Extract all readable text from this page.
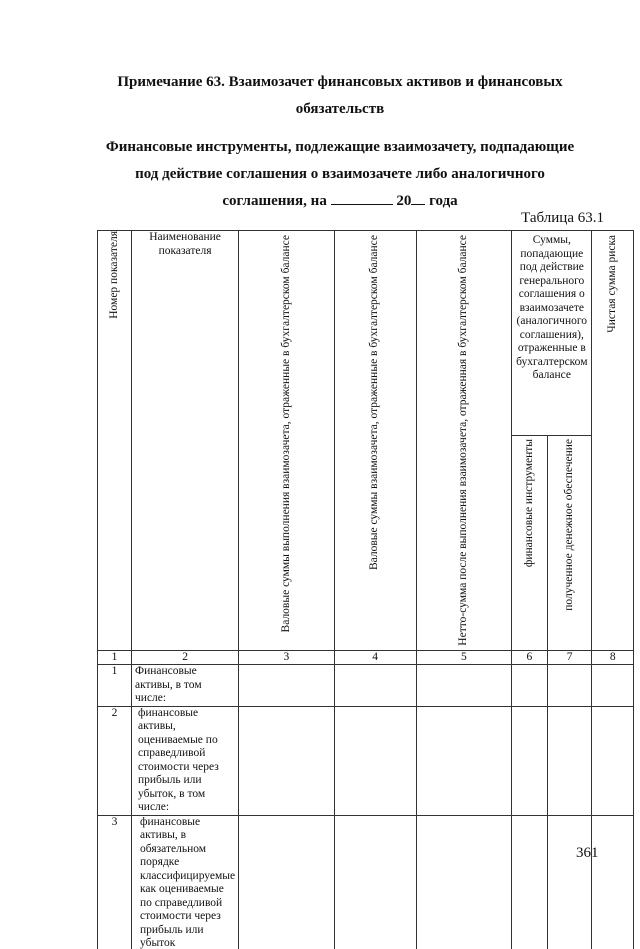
Примечание 63. Взаимозачет финансовых активов и финансовых
обязательств
Финансовые инструменты, подлежащие взаимозачету, подпадающие
под действие соглашения о взаимозачете либо аналогичного
соглашения, на	20 года
Таблица 63.1
Номер показателя	Наименование показателя	Валовые суммы выполнения взаимозачета, отраженные в бухгалтерском балансе	Валовые суммы взаимозачета, отраженные в бухгалтерском балансе	Нетто-сумма после выполнения взаимозачета, отраженная в бухгалтерском балансе	Суммы, попадающие под действие генерального соглашения о взаимозачете (аналогичного соглашения), отраженные в бухгалтерском балансе		Чистая сумма риска

					финансовые инструменты	полученное денежное обеспечение	

1	2	3	4	5	6	7	8
1	Финансовые активы, в том числе:						
2	финансовые активы, оцениваемые по справедливой стоимости через прибыль или убыток, в том числе:						
3	финансовые активы, в обязательном порядке классифицируемые как оцениваемые по справедливой стоимости через прибыль или убыток						

361
